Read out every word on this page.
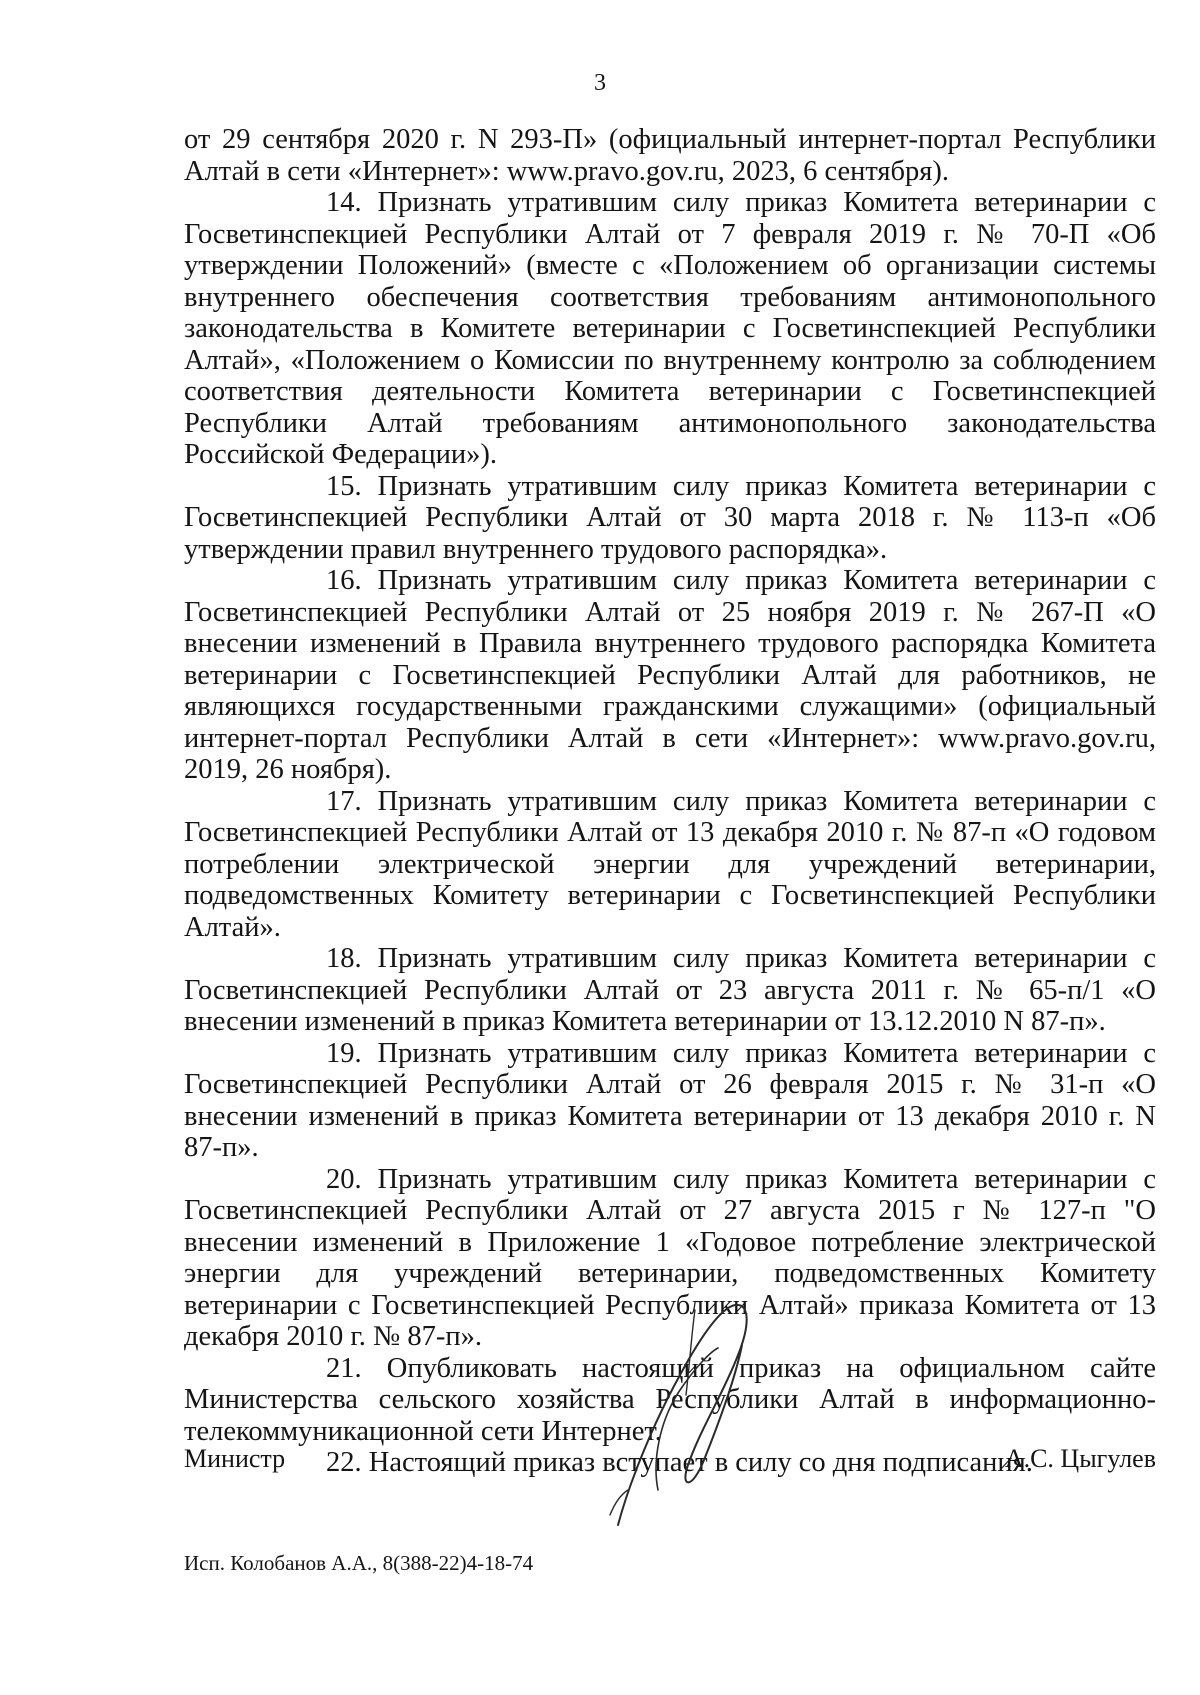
3

от 29 сентября 2020 г. N 293-П» (официальный интернет-портал Республики Алтай в сети «Интернет»: www.pravo.gov.ru, 2023, 6 сентября).

14. Признать утратившим силу приказ Комитета ветеринарии с Госветинспекцией Республики Алтай от 7 февраля 2019 г. № 70-П «Об утверждении Положений» (вместе с «Положением об организации системы внутреннего обеспечения соответствия требованиям антимонопольного законодательства в Комитете ветеринарии с Госветинспекцией Республики Алтай», «Положением о Комиссии по внутреннему контролю за соблюдением соответствия деятельности Комитета ветеринарии с Госветинспекцией Республики Алтай требованиям антимонопольного законодательства Российской Федерации»).

15. Признать утратившим силу приказ Комитета ветеринарии с Госветинспекцией Республики Алтай от 30 марта 2018 г. № 113-п «Об утверждении правил внутреннего трудового распорядка».

16. Признать утратившим силу приказ Комитета ветеринарии с Госветинспекцией Республики Алтай от 25 ноября 2019 г. № 267-П «О внесении изменений в Правила внутреннего трудового распорядка Комитета ветеринарии с Госветинспекцией Республики Алтай для работников, не являющихся государственными гражданскими служащими» (официальный интернет-портал Республики Алтай в сети «Интернет»: www.pravo.gov.ru, 2019, 26 ноября).

17. Признать утратившим силу приказ Комитета ветеринарии с Госветинспекцией Республики Алтай от 13 декабря 2010 г. № 87-п «О годовом потреблении электрической энергии для учреждений ветеринарии, подведомственных Комитету ветеринарии с Госветинспекцией Республики Алтай».

18. Признать утратившим силу приказ Комитета ветеринарии с Госветинспекцией Республики Алтай от 23 августа 2011 г. № 65-п/1 «О внесении изменений в приказ Комитета ветеринарии от 13.12.2010 N 87-п».

19. Признать утратившим силу приказ Комитета ветеринарии с Госветинспекцией Республики Алтай от 26 февраля 2015 г. № 31-п «О внесении изменений в приказ Комитета ветеринарии от 13 декабря 2010 г. N 87-п».

20. Признать утратившим силу приказ Комитета ветеринарии с Госветинспекцией Республики Алтай от 27 августа 2015 г № 127-п "О внесении изменений в Приложение 1 «Годовое потребление электрической энергии для учреждений ветеринарии, подведомственных Комитету ветеринарии с Госветинспекцией Республики Алтай» приказа Комитета от 13 декабря 2010 г. № 87-п».

21. Опубликовать настоящий приказ на официальном сайте Министерства сельского хозяйства Республики Алтай в информационно-телекоммуникационной сети Интернет.

22. Настоящий приказ вступает в силу со дня подписания.

Министр	А.С. Цыгулев
Исп. Колобанов А.А., 8(388-22)4-18-74
